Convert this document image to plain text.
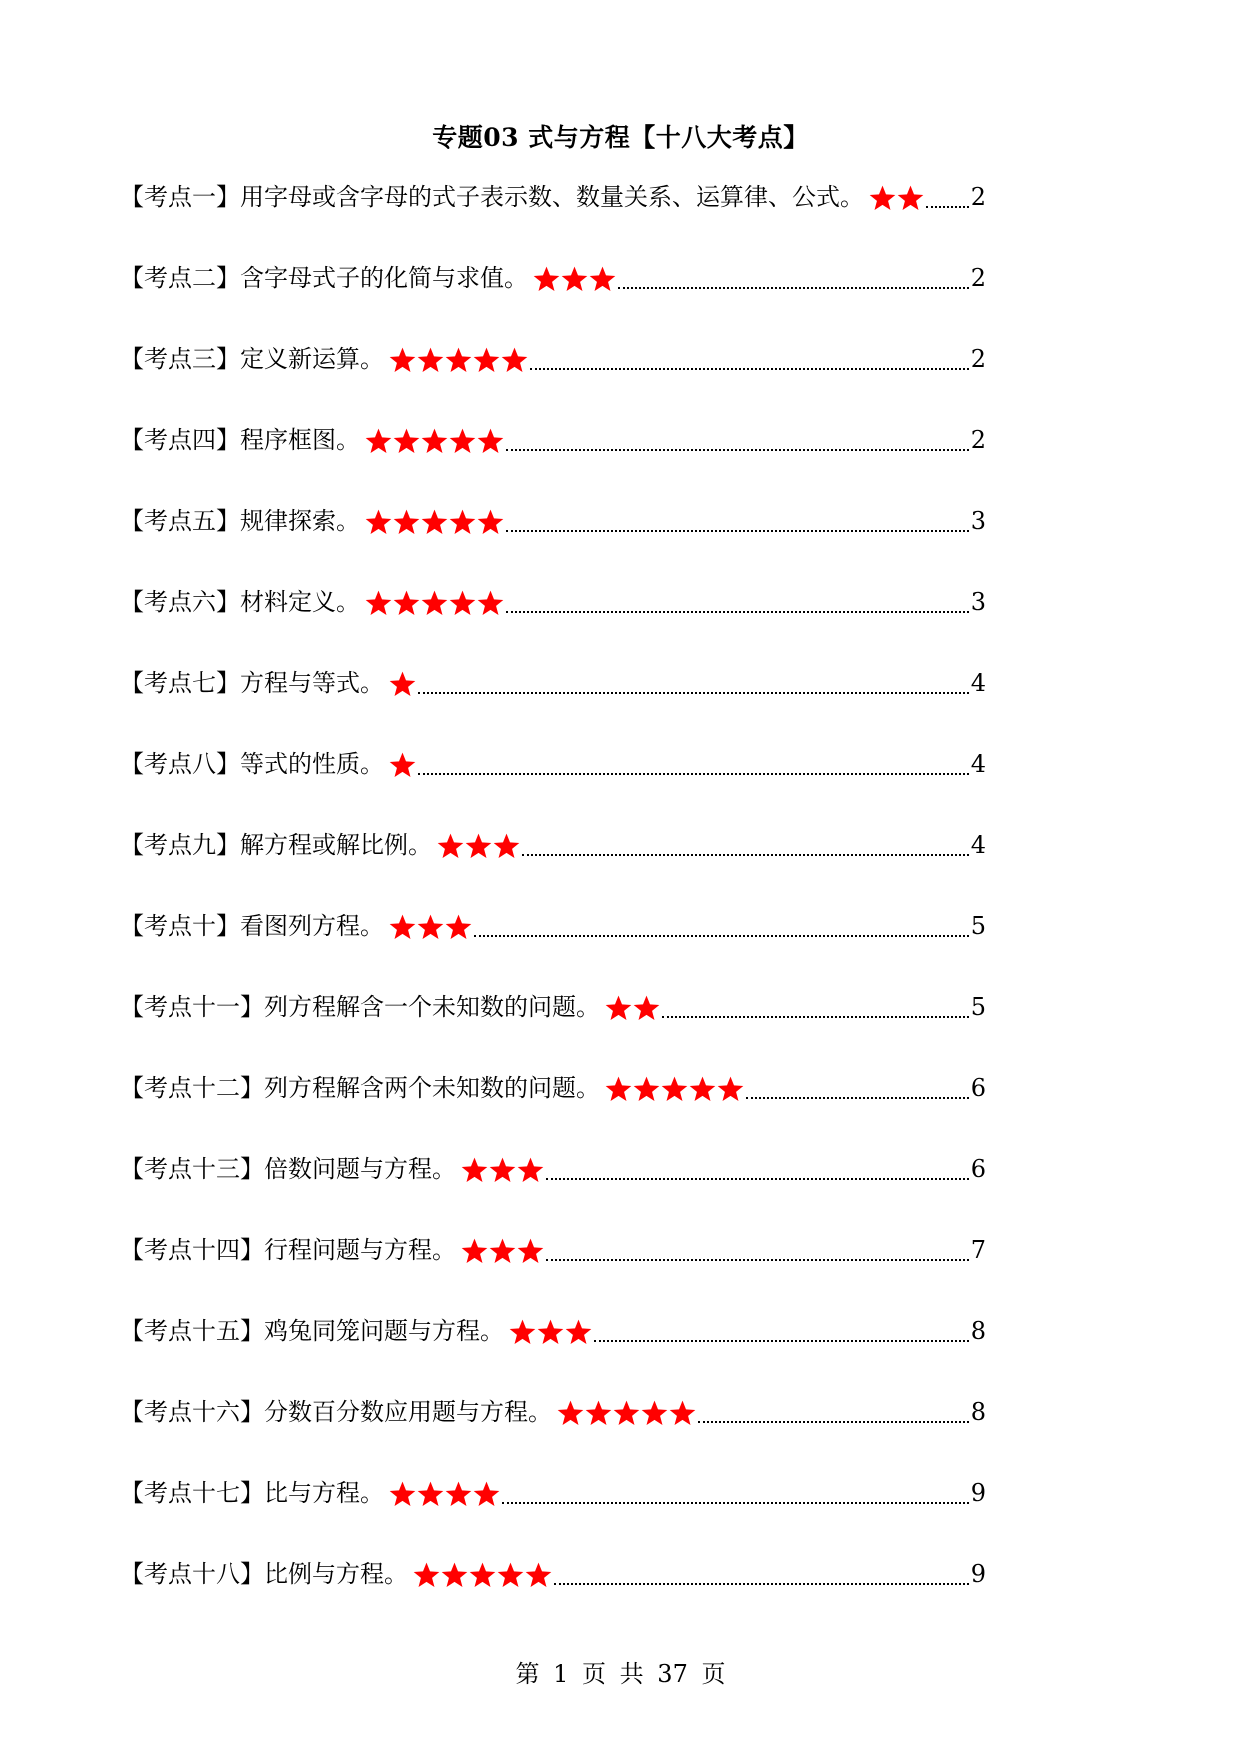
专题03 式与方程【十八大考点】
【考点一】用字母或含字母的式子表示数、数量关系、运算律、公式。	2
【考点二】含字母式子的化简与求值。	2
【考点三】定义新运算。	2
【考点四】程序框图。	2
【考点五】规律探索。	3
【考点六】材料定义。	3
【考点七】方程与等式。	4
【考点八】等式的性质。	4
【考点九】解方程或解比例。	4
【考点十】看图列方程。	5
【考点十一】列方程解含一个未知数的问题。	5
【考点十二】列方程解含两个未知数的问题。	6
【考点十三】倍数问题与方程。	6
【考点十四】行程问题与方程。	7
【考点十五】鸡兔同笼问题与方程。	8
【考点十六】分数百分数应用题与方程。	8
【考点十七】比与方程。	9
【考点十八】比例与方程。	9
第 1 页 共 37 页
